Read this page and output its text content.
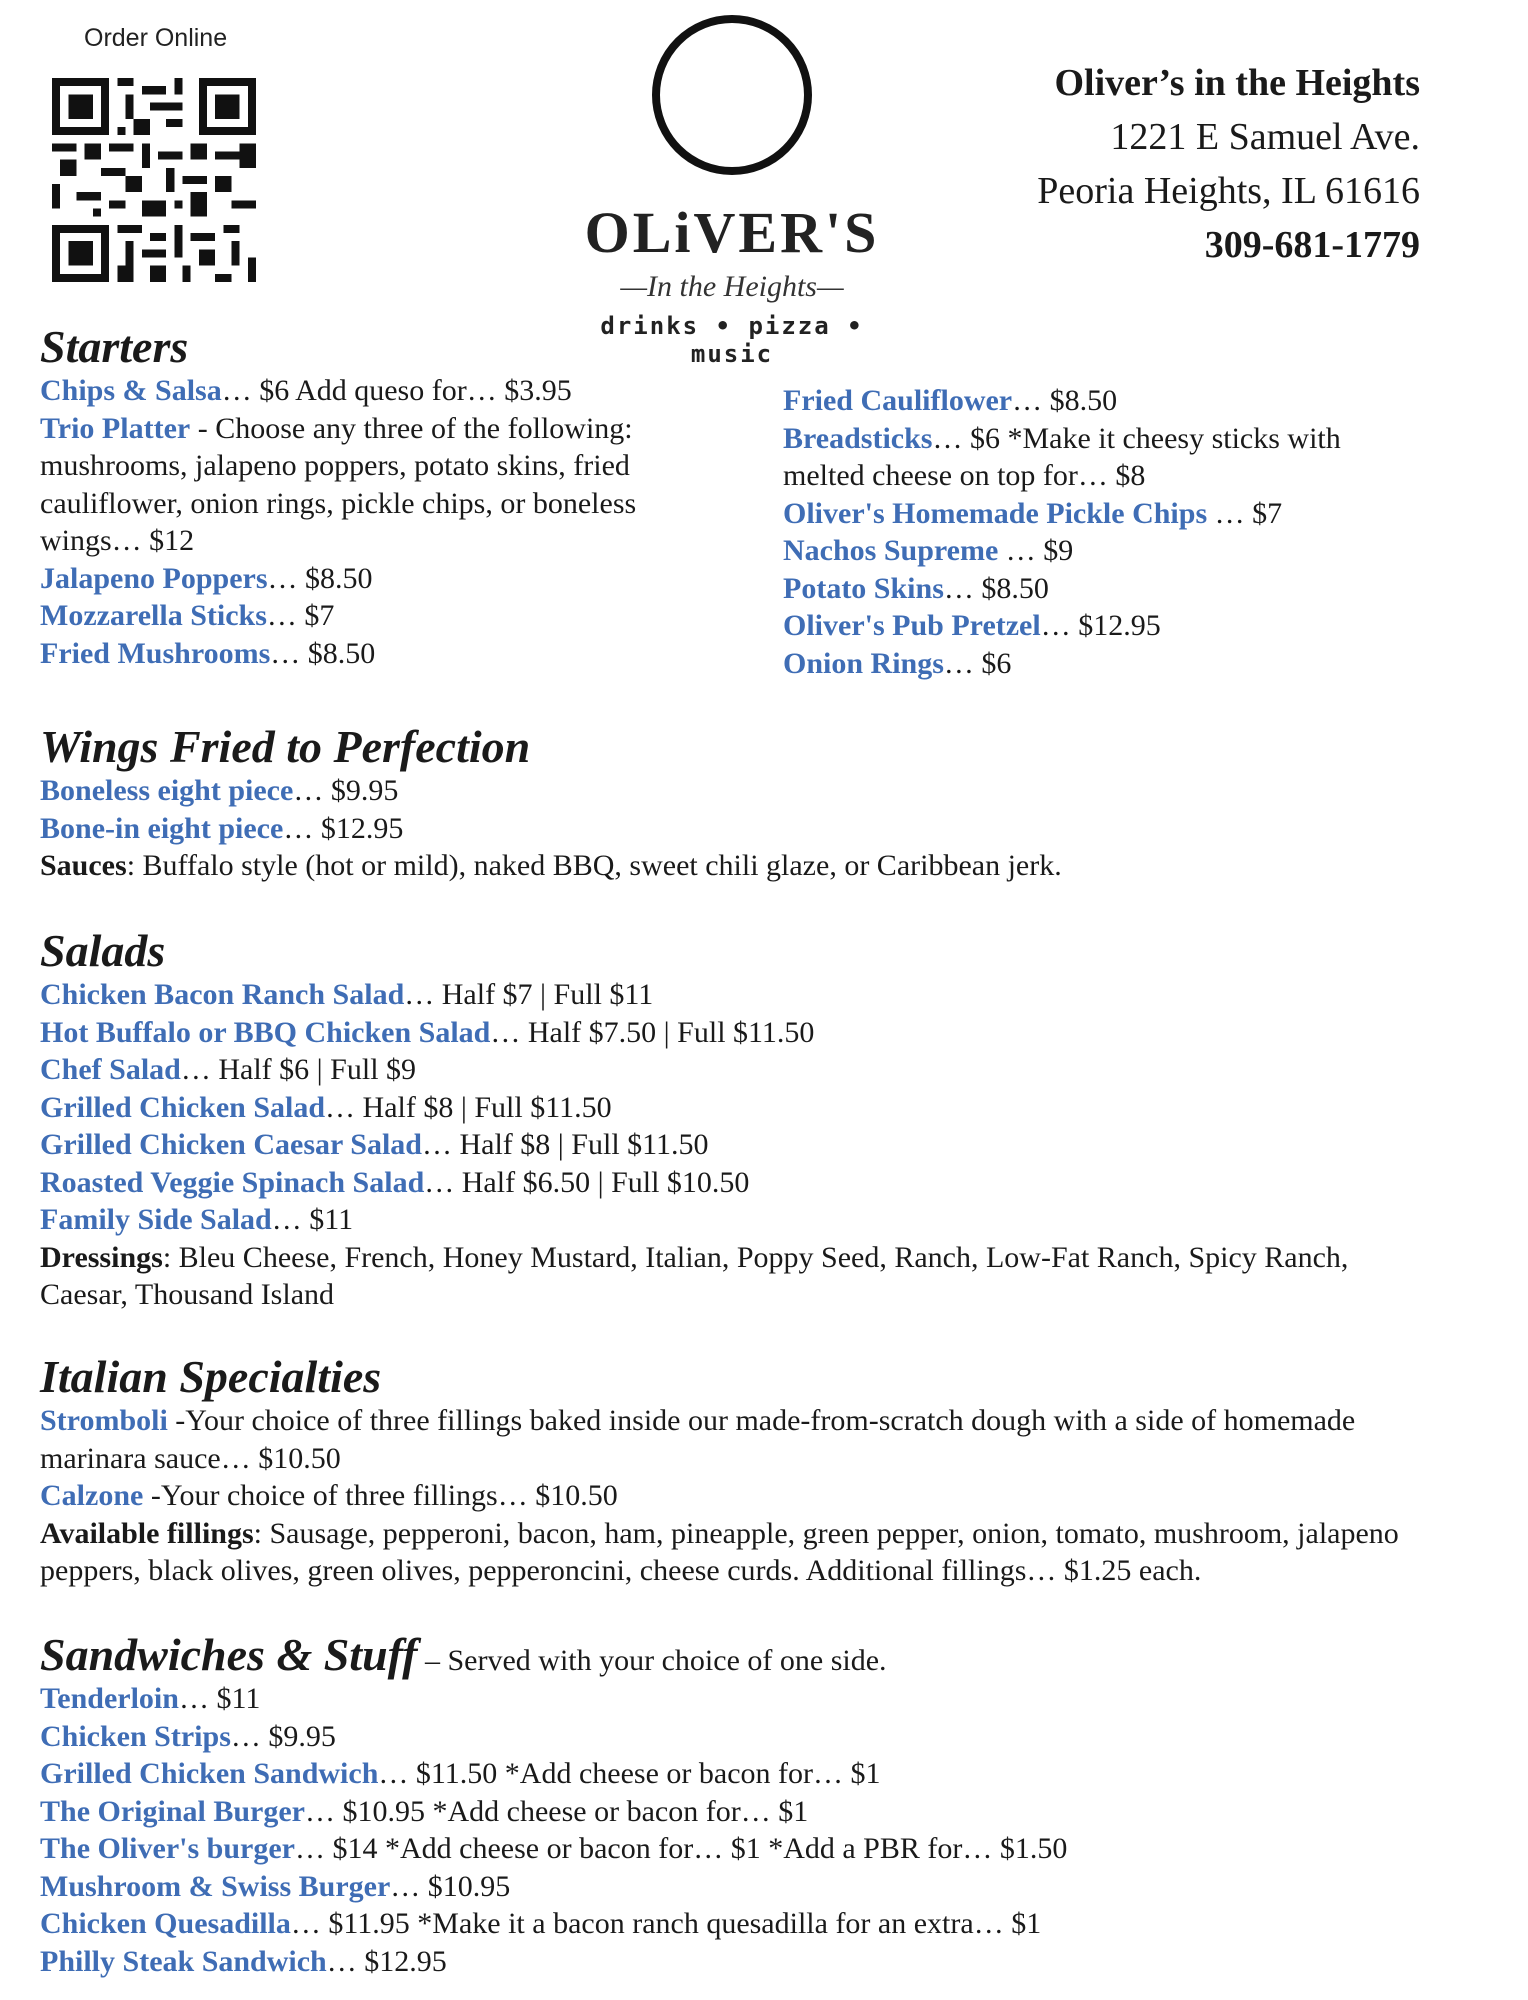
Order Online
OLiVER'S
—In the Heights—
drinks • pizza • music
Oliver’s in the Heights
1221 E Samuel Ave.
Peoria Heights, IL 61616
309-681-1779
Starters
Chips & Salsa… $6 Add queso for… $3.95
Trio Platter - Choose any three of the following: mushrooms, jalapeno poppers, potato skins, fried cauliflower, onion rings, pickle chips, or boneless wings… $12
Jalapeno Poppers… $8.50
Mozzarella Sticks… $7
Fried Mushrooms… $8.50
Fried Cauliflower… $8.50
Breadsticks… $6 *Make it cheesy sticks with melted cheese on top for… $8
Oliver's Homemade Pickle Chips … $7
Nachos Supreme … $9
Potato Skins… $8.50
Oliver's Pub Pretzel… $12.95
Onion Rings… $6
Wings Fried to Perfection
Boneless eight piece… $9.95
Bone-in eight piece… $12.95
Sauces: Buffalo style (hot or mild), naked BBQ, sweet chili glaze, or Caribbean jerk.
Salads
Chicken Bacon Ranch Salad… Half $7 | Full $11
Hot Buffalo or BBQ Chicken Salad… Half $7.50 | Full $11.50
Chef Salad… Half $6 | Full $9
Grilled Chicken Salad… Half $8 | Full $11.50
Grilled Chicken Caesar Salad… Half $8 | Full $11.50
Roasted Veggie Spinach Salad… Half $6.50 | Full $10.50
Family Side Salad… $11
Dressings: Bleu Cheese, French, Honey Mustard, Italian, Poppy Seed, Ranch, Low-Fat Ranch, Spicy Ranch, Caesar, Thousand Island
Italian Specialties
Stromboli -Your choice of three fillings baked inside our made-from-scratch dough with a side of homemade marinara sauce… $10.50
Calzone -Your choice of three fillings… $10.50
Available fillings: Sausage, pepperoni, bacon, ham, pineapple, green pepper, onion, tomato, mushroom, jalapeno peppers, black olives, green olives, pepperoncini, cheese curds. Additional fillings… $1.25 each.
Sandwiches & Stuff – Served with your choice of one side.
Tenderloin… $11
Chicken Strips… $9.95
Grilled Chicken Sandwich… $11.50 *Add cheese or bacon for… $1
The Original Burger… $10.95 *Add cheese or bacon for… $1
The Oliver's burger… $14 *Add cheese or bacon for… $1 *Add a PBR for… $1.50
Mushroom & Swiss Burger… $10.95
Chicken Quesadilla… $11.95 *Make it a bacon ranch quesadilla for an extra… $1
Philly Steak Sandwich… $12.95
